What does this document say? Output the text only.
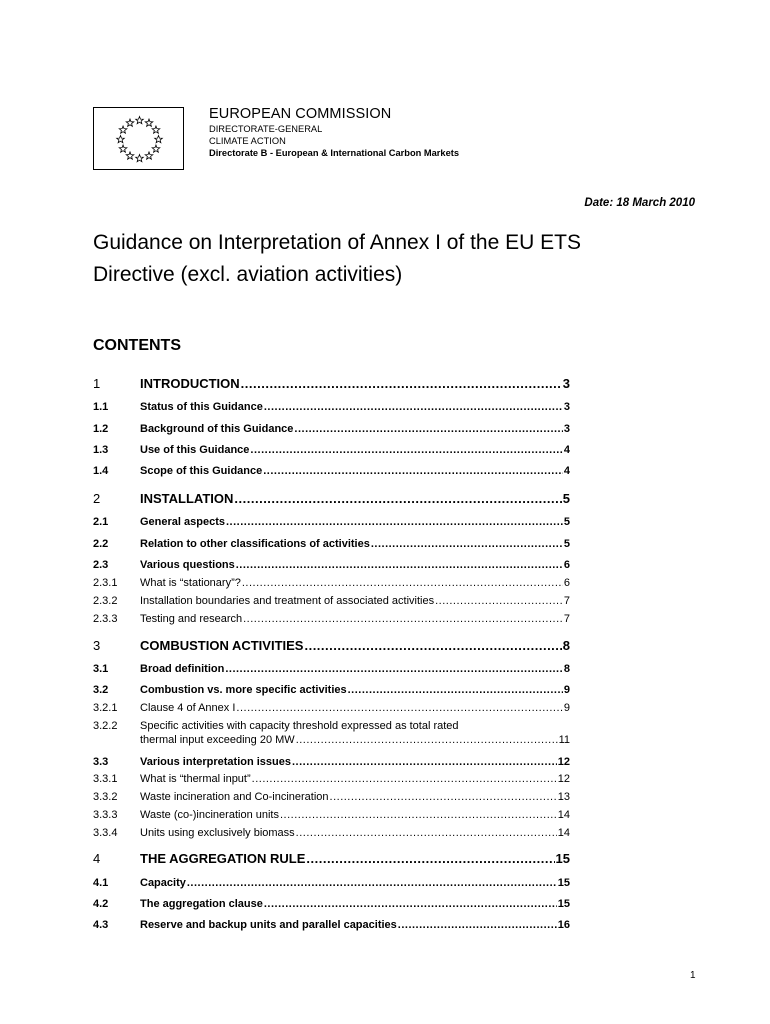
EUROPEAN COMMISSION
DIRECTORATE-GENERAL
CLIMATE ACTION
Directorate B - European & International Carbon Markets
Date: 18 March 2010
Guidance on Interpretation of Annex I of the EU ETS Directive (excl. aviation activities)
CONTENTS
1	INTRODUCTION .....	3
1.1	Status of this Guidance .....	3
1.2	Background of this Guidance .....	3
1.3	Use of this Guidance .....	4
1.4	Scope of this Guidance .....	4
2	INSTALLATION .....	5
2.1	General aspects .....	5
2.2	Relation to other classifications of activities .....	5
2.3	Various questions .....	6
2.3.1	What is “stationary”? .....	6
2.3.2	Installation boundaries and treatment of associated activities .....	7
2.3.3	Testing and research .....	7
3	COMBUSTION ACTIVITIES .....	8
3.1	Broad definition .....	8
3.2	Combustion vs. more specific activities .....	9
3.2.1	Clause 4 of Annex I .....	9
3.2.2	Specific activities with capacity threshold expressed as total rated
thermal input exceeding 20 MW .....	11
3.3	Various interpretation issues .....	12
3.3.1	What is “thermal input” .....	12
3.3.2	Waste incineration and Co-incineration .....	13
3.3.3	Waste (co-)incineration units .....	14
3.3.4	Units using exclusively biomass .....	14
4	THE AGGREGATION RULE .....	15
4.1	Capacity .....	15
4.2	The aggregation clause .....	15
4.3	Reserve and backup units and parallel capacities .....	16
1
